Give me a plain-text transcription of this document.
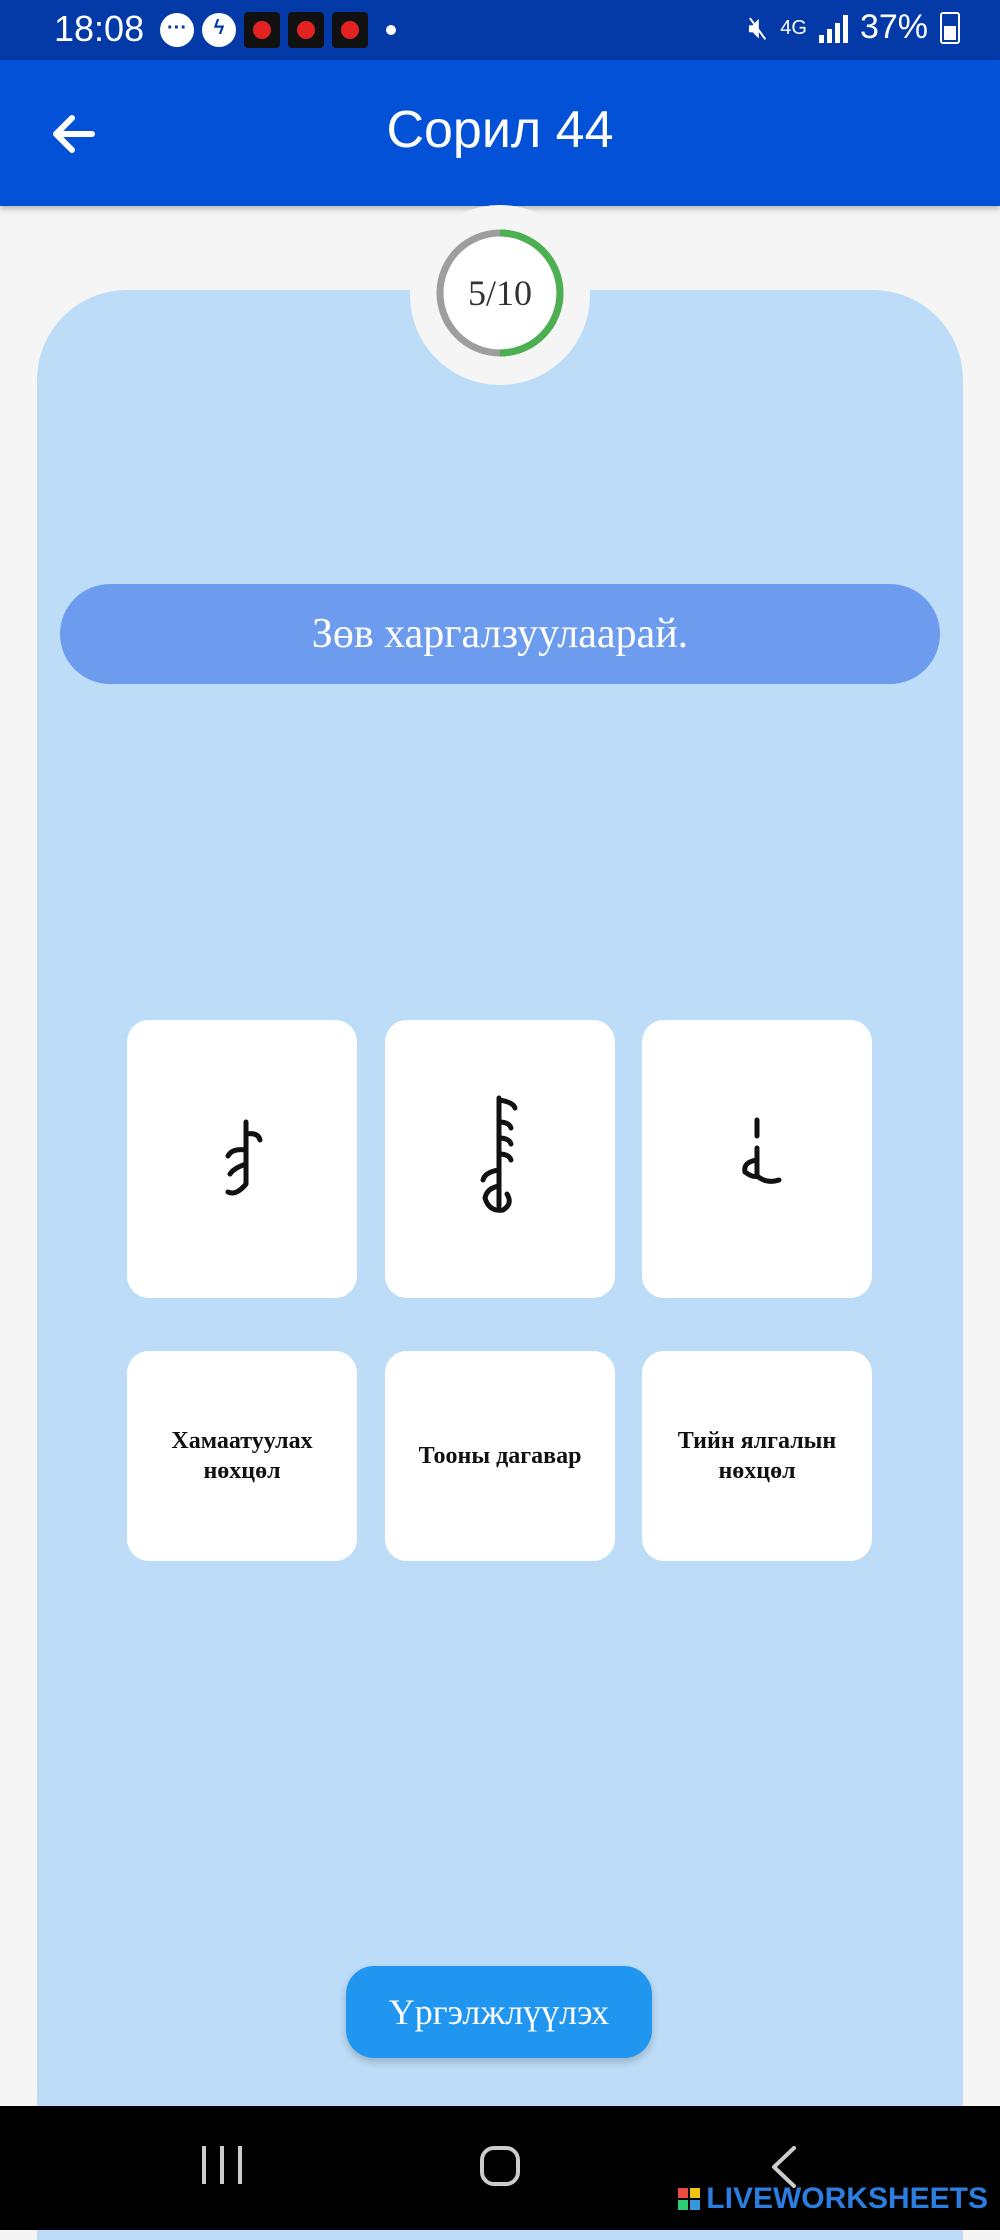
18:08	···	ϟ	🔇︎ 4G 37%
Сорил 44
5/10
Зөв харгалзуулаарай.
Хамаатуулах нөхцөл
Тооны дагавар
Тийн ялгалын нөхцөл
Үргэлжлүүлэх
LIVEWORKSHEETS
